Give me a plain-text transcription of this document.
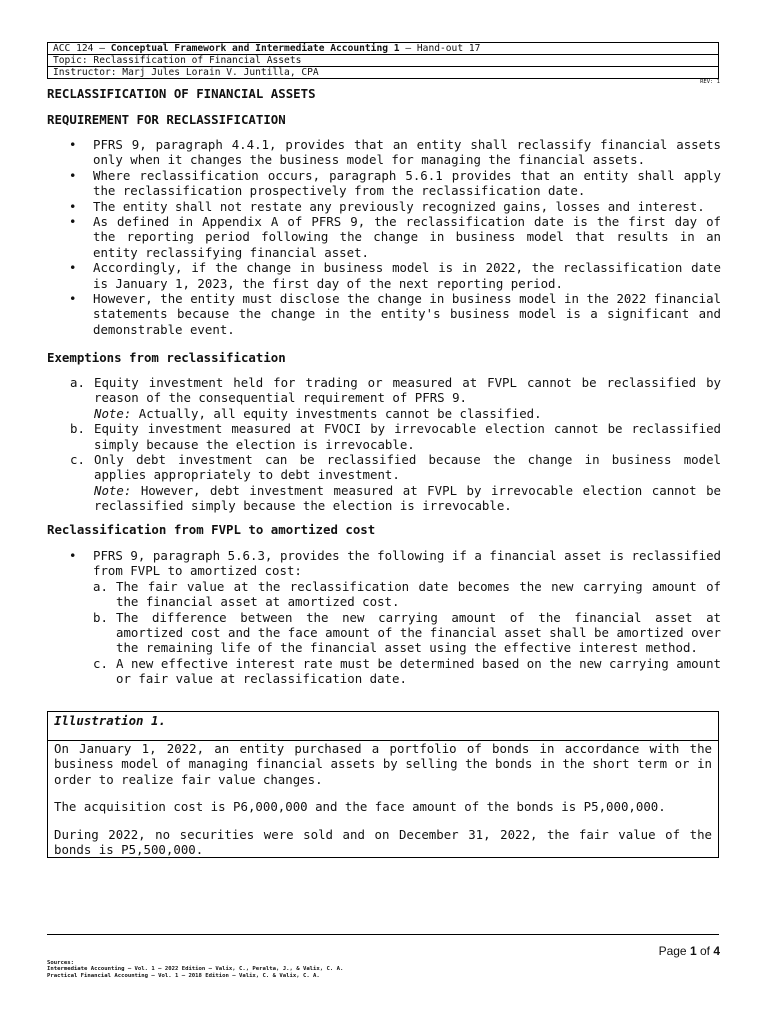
ACC 124 – Conceptual Framework and Intermediate Accounting 1 – Hand-out 17
Topic: Reclassification of Financial Assets
Instructor: Marj Jules Lorain V. Juntilla, CPA
REV: 1
RECLASSIFICATION OF FINANCIAL ASSETS
REQUIREMENT FOR RECLASSIFICATION
• PFRS 9, paragraph 4.4.1, provides that an entity shall reclassify financial assets only when it changes the business model for managing the financial assets.
• Where reclassification occurs, paragraph 5.6.1 provides that an entity shall apply the reclassification prospectively from the reclassification date.
• The entity shall not restate any previously recognized gains, losses and interest.
• As defined in Appendix A of PFRS 9, the reclassification date is the first day of the reporting period following the change in business model that results in an entity reclassifying financial asset.
• Accordingly, if the change in business model is in 2022, the reclassification date is January 1, 2023, the first day of the next reporting period.
• However, the entity must disclose the change in business model in the 2022 financial statements because the change in the entity's business model is a significant and demonstrable event.
Exemptions from reclassification
a. Equity investment held for trading or measured at FVPL cannot be reclassified by reason of the consequential requirement of PFRS 9.
Note: Actually, all equity investments cannot be classified.
b. Equity investment measured at FVOCI by irrevocable election cannot be reclassified simply because the election is irrevocable.
c. Only debt investment can be reclassified because the change in business model applies appropriately to debt investment.
Note: However, debt investment measured at FVPL by irrevocable election cannot be reclassified simply because the election is irrevocable.
Reclassification from FVPL to amortized cost
• PFRS 9, paragraph 5.6.3, provides the following if a financial asset is reclassified from FVPL to amortized cost:
a. The fair value at the reclassification date becomes the new carrying amount of the financial asset at amortized cost.
b. The difference between the new carrying amount of the financial asset at amortized cost and the face amount of the financial asset shall be amortized over the remaining life of the financial asset using the effective interest method.
c. A new effective interest rate must be determined based on the new carrying amount or fair value at reclassification date.
Illustration 1.

On January 1, 2022, an entity purchased a portfolio of bonds in accordance with the business model of managing financial assets by selling the bonds in the short term or in order to realize fair value changes.

The acquisition cost is P6,000,000 and the face amount of the bonds is P5,000,000.

During 2022, no securities were sold and on December 31, 2022, the fair value of the bonds is P5,500,000.

Page 1 of 4
Sources:
Intermediate Accounting – Vol. 1 – 2022 Edition – Valix, C., Peralta, J., & Valix, C. A.
Practical Financial Accounting – Vol. 1 – 2018 Edition – Valix, C. & Valix, C. A.
